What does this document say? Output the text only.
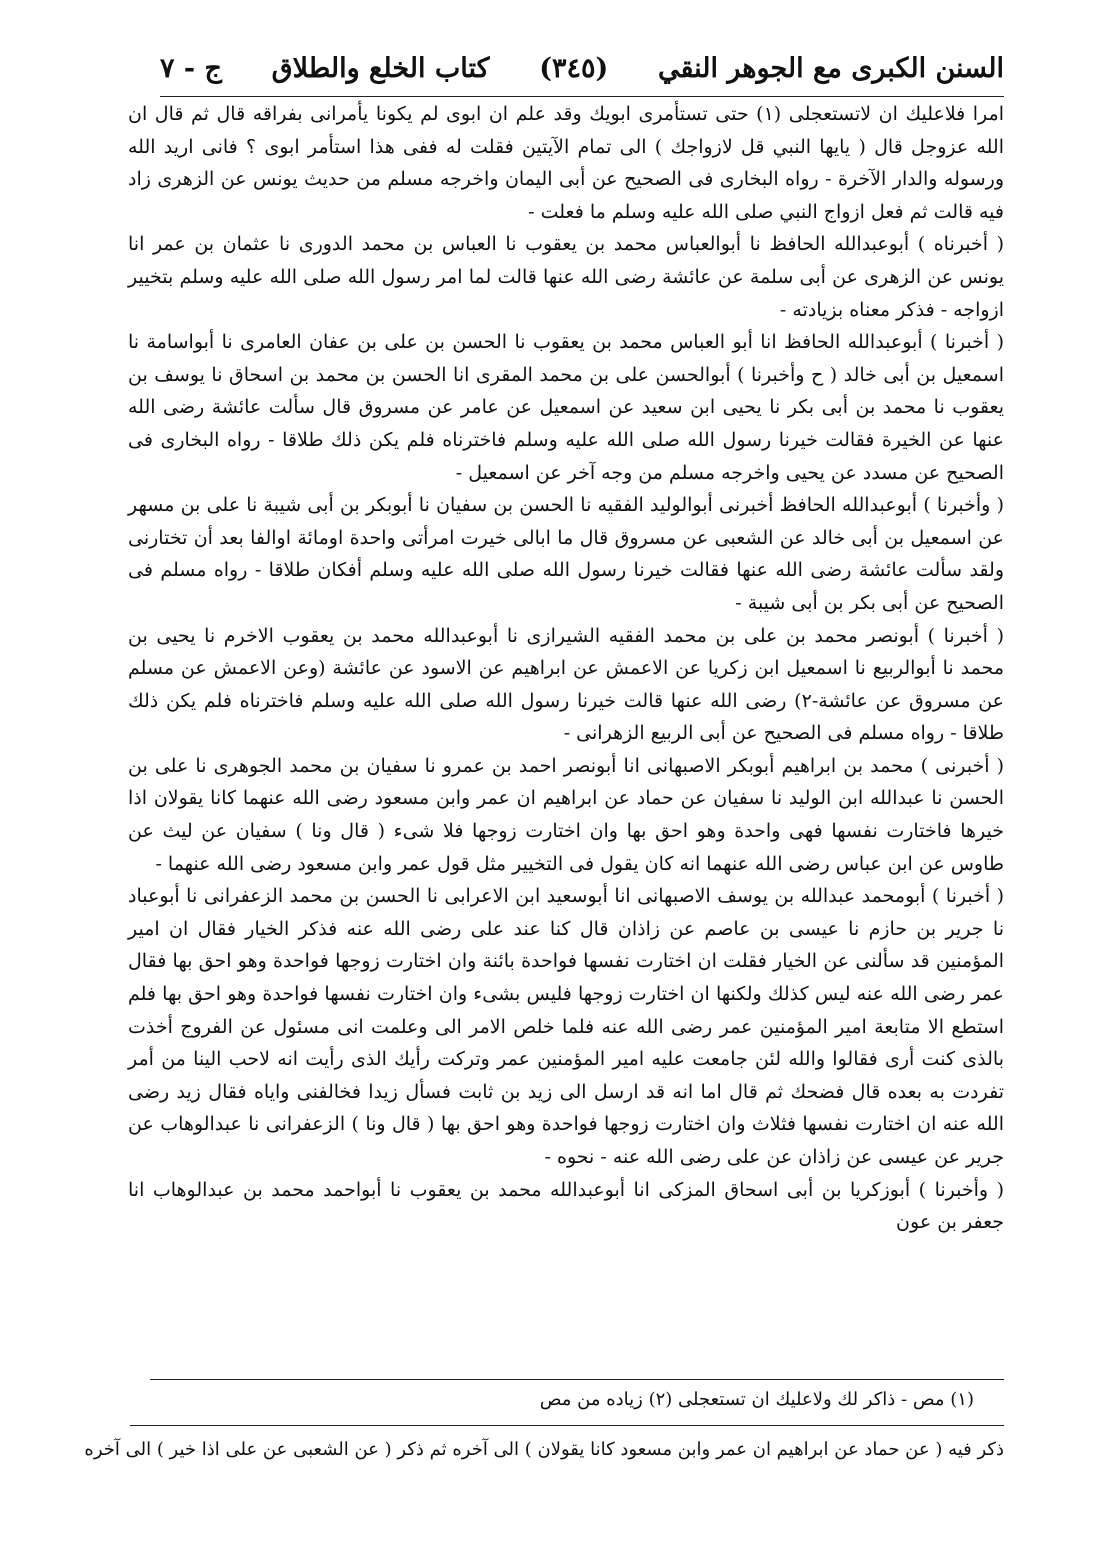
السنن الكبرى مع الجوهر النقي
(٣٤٥)
كتاب الخلع والطلاق
ج - ٧

امرا فلاعليك ان لاتستعجلى (١) حتى تستأمرى ابويك وقد علم ان ابوى لم يكونا يأمرانى بفراقه قال ثم قال ان الله عزوجل قال ( يايها النبي قل لازواجك ) الى تمام الآيتين فقلت له ففى هذا استأمر ابوى ؟ فانى اريد الله ورسوله والدار الآخرة - رواه البخارى فى الصحيح عن أبى اليمان واخرجه مسلم من حديث يونس عن الزهرى زاد فيه قالت ثم فعل ازواج النبي صلى الله عليه وسلم ما فعلت -

( أخبرناه ) أبوعبدالله الحافظ نا أبوالعباس محمد بن يعقوب نا العباس بن محمد الدورى نا عثمان بن عمر انا يونس عن الزهرى عن أبى سلمة عن عائشة رضى الله عنها قالت لما امر رسول الله صلى الله عليه وسلم بتخيير ازواجه - فذكر معناه بزيادته -

( أخبرنا ) أبوعبدالله الحافظ انا أبو العباس محمد بن يعقوب نا الحسن بن على بن عفان العامرى نا أبواسامة نا اسمعيل بن أبى خالد ( ح وأخبرنا ) أبوالحسن على بن محمد المقرى انا الحسن بن محمد بن اسحاق نا يوسف بن يعقوب نا محمد بن أبى بكر نا يحيى ابن سعيد عن اسمعيل عن عامر عن مسروق قال سألت عائشة رضى الله عنها عن الخيرة فقالت خيرنا رسول الله صلى الله عليه وسلم فاخترناه فلم يكن ذلك طلاقا - رواه البخارى فى الصحيح عن مسدد عن يحيى واخرجه مسلم من وجه آخر عن اسمعيل -

( وأخبرنا ) أبوعبدالله الحافظ أخبرنى أبوالوليد الفقيه نا الحسن بن سفيان نا أبوبكر بن أبى شيبة نا على بن مسهر عن اسمعيل بن أبى خالد عن الشعبى عن مسروق قال ما ابالى خيرت امرأتى واحدة اومائة اوالفا بعد أن تختارنى ولقد سألت عائشة رضى الله عنها فقالت خيرنا رسول الله صلى الله عليه وسلم أفكان طلاقا - رواه مسلم فى الصحيح عن أبى بكر بن أبى شيبة -

( أخبرنا ) أبونصر محمد بن على بن محمد الفقيه الشيرازى نا أبوعبدالله محمد بن يعقوب الاخرم نا يحيى بن محمد نا أبوالربيع نا اسمعيل ابن زكريا عن الاعمش عن ابراهيم عن الاسود عن عائشة (وعن الاعمش عن مسلم عن مسروق عن عائشة-٢) رضى الله عنها قالت خيرنا رسول الله صلى الله عليه وسلم فاخترناه فلم يكن ذلك طلاقا - رواه مسلم فى الصحيح عن أبى الربيع الزهرانى -

( أخبرنى ) محمد بن ابراهيم أبوبكر الاصبهانى انا أبونصر احمد بن عمرو نا سفيان بن محمد الجوهرى نا على بن الحسن نا عبدالله ابن الوليد نا سفيان عن حماد عن ابراهيم ان عمر وابن مسعود رضى الله عنهما كانا يقولان اذا خيرها فاختارت نفسها فهى واحدة وهو احق بها وان اختارت زوجها فلا شىء ( قال ونا ) سفيان عن ليث عن طاوس عن ابن عباس رضى الله عنهما انه كان يقول فى التخيير مثل قول عمر وابن مسعود رضى الله عنهما -

( أخبرنا ) أبومحمد عبدالله بن يوسف الاصبهانى انا أبوسعيد ابن الاعرابى نا الحسن بن محمد الزعفرانى نا أبوعباد نا جرير بن حازم نا عيسى بن عاصم عن زاذان قال كنا عند على رضى الله عنه فذكر الخيار فقال ان امير المؤمنين قد سألنى عن الخيار فقلت ان اختارت نفسها فواحدة بائنة وان اختارت زوجها فواحدة وهو احق بها فقال عمر رضى الله عنه ليس كذلك ولكنها ان اختارت زوجها فليس بشىء وان اختارت نفسها فواحدة وهو احق بها فلم استطع الا متابعة امير المؤمنين عمر رضى الله عنه فلما خلص الامر الى وعلمت انى مسئول عن الفروج أخذت بالذى كنت أرى فقالوا والله لئن جامعت عليه امير المؤمنين عمر وتركت رأيك الذى رأيت انه لاحب الينا من أمر تفردت به بعده قال فضحك ثم قال اما انه قد ارسل الى زيد بن ثابت فسأل زيدا فخالفنى واياه فقال زيد رضى الله عنه ان اختارت نفسها فثلاث وان اختارت زوجها فواحدة وهو احق بها ( قال ونا ) الزعفرانى نا عبدالوهاب عن جرير عن عيسى عن زاذان عن على رضى الله عنه - نحوه -

( وأخبرنا ) أبوزكريا بن أبى اسحاق المزكى انا أبوعبدالله محمد بن يعقوب نا أبواحمد محمد بن عبدالوهاب انا جعفر بن عون

(١) مص - ذاكر لك ولاعليك ان تستعجلى (٢) زياده من مص
ذكر فيه ( عن حماد عن ابراهيم ان عمر وابن مسعود كانا يقولان ) الى آخره ثم ذكر ( عن الشعبى عن على اذا خير ) الى آخره
